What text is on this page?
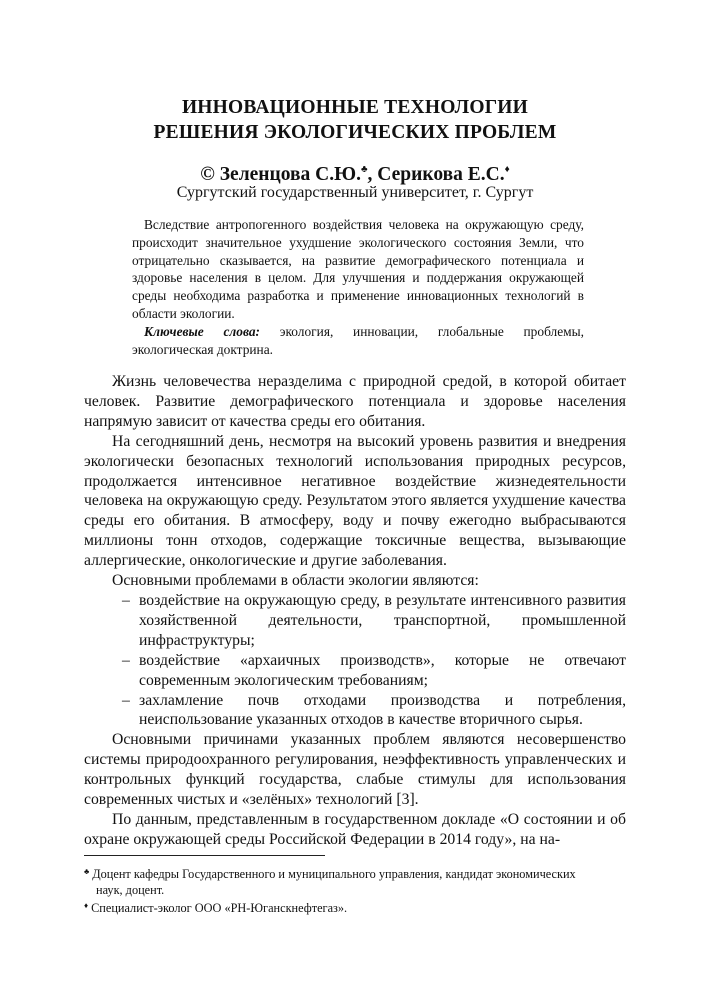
ИННОВАЦИОННЫЕ ТЕХНОЛОГИИ
РЕШЕНИЯ ЭКОЛОГИЧЕСКИХ ПРОБЛЕМ
© Зеленцова С.Ю.♣, Серикова Е.С.♦
Сургутский государственный университет, г. Сургут

Вследствие антропогенного воздействия человека на окружающую среду, происходит значительное ухудшение экологического состояния Земли, что отрицательно сказывается, на развитие демографического потенциала и здоровье населения в целом. Для улучшения и поддержания окружающей среды необходима разработка и применение инновационных технологий в области экологии.

Ключевые слова: экология, инновации, глобальные проблемы, экологическая доктрина.

Жизнь человечества неразделима с природной средой, в которой обитает человек. Развитие демографического потенциала и здоровье населения напрямую зависит от качества среды его обитания.

На сегодняшний день, несмотря на высокий уровень развития и внедрения экологически безопасных технологий использования природных ресурсов, продолжается интенсивное негативное воздействие жизнедеятельности человека на окружающую среду. Результатом этого является ухудшение качества среды его обитания. В атмосферу, воду и почву ежегодно выбрасываются миллионы тонн отходов, содержащие токсичные вещества, вызывающие аллергические, онкологические и другие заболевания.

Основными проблемами в области экологии являются:

– воздействие на окружающую среду, в результате интенсивного развития хозяйственной деятельности, транспортной, промышленной инфраструктуры;
– воздействие «архаичных производств», которые не отвечают современным экологическим требованиям;
– захламление почв отходами производства и потребления, неиспользование указанных отходов в качестве вторичного сырья.

Основными причинами указанных проблем являются несовершенство системы природоохранного регулирования, неэффективность управленческих и контрольных функций государства, слабые стимулы для использования современных чистых и «зелёных» технологий [3].

По данным, представленным в государственном докладе «О состоянии и об охране окружающей среды Российской Федерации в 2014 году», на на-

♣ Доцент кафедры Государственного и муниципального управления, кандидат экономических

наук, доцент.

♦ Специалист-эколог ООО «РН-Юганскнефтегаз».
